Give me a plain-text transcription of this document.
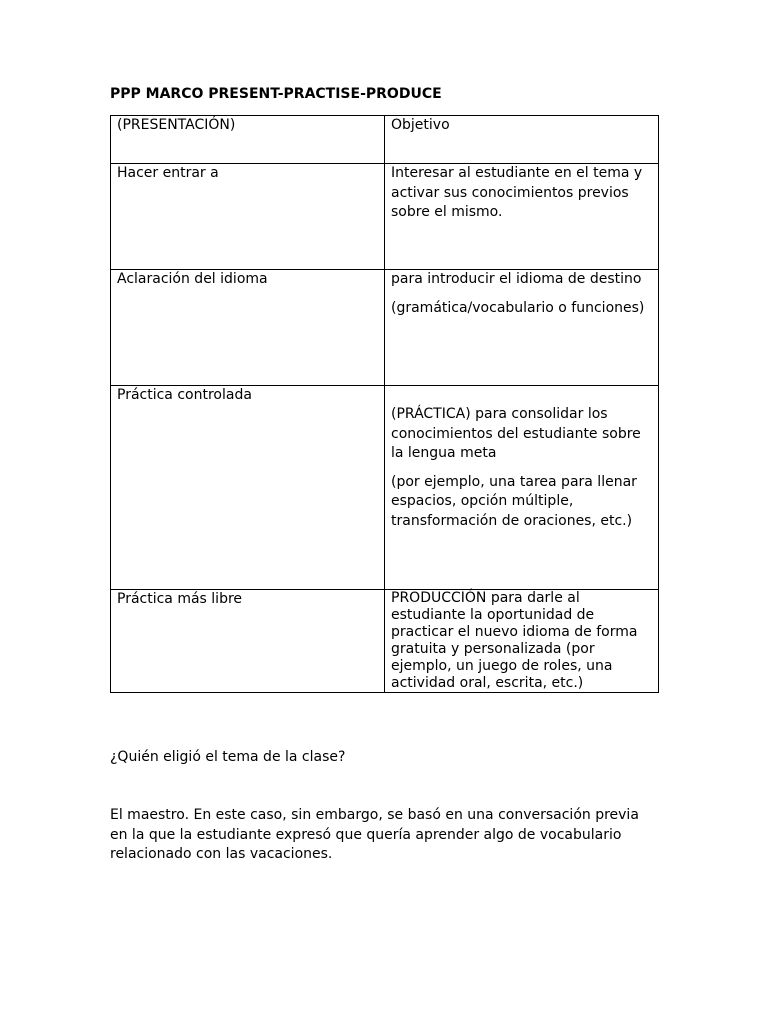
PPP MARCO PRESENT-PRACTISE-PRODUCE

(PRESENTACIÓN)	Objetivo

Hacer entrar a	Interesar al estudiante en el tema y activar sus conocimientos previos sobre el mismo.

Aclaración del idioma	para introducir el idioma de destino

(gramática/vocabulario o funciones)

Práctica controlada	(PRÁCTICA) para consolidar los conocimientos del estudiante sobre la lengua meta

(por ejemplo, una tarea para llenar espacios, opción múltiple, transformación de oraciones, etc.)

Práctica más libre	PRODUCCIÓN para darle al estudiante la oportunidad de practicar el nuevo idioma de forma gratuita y personalizada (por ejemplo, un juego de roles, una actividad oral, escrita, etc.)

¿Quién eligió el tema de la clase?

El maestro. En este caso, sin embargo, se basó en una conversación previa en la que la estudiante expresó que quería aprender algo de vocabulario relacionado con las vacaciones.
